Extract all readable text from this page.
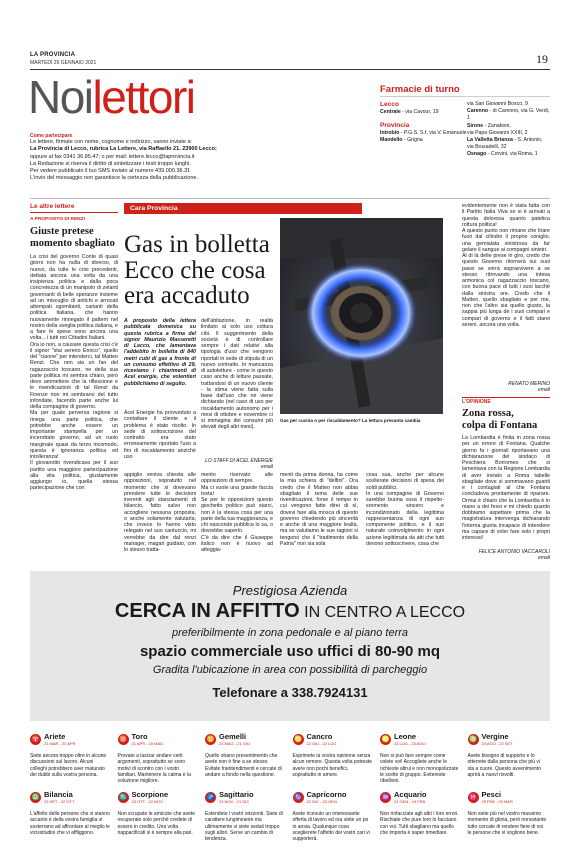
LA PROVINCIA
MARTEDÌ 26 GENNAIO 2021	19
Noilettori
Come partecipare
Le lettere, firmate con nome, cognome e indirizzo, vanno inviate a:
La Provincia di Lecco, rubrica La Lettere, via Raffaello 21. 23900 Lecco;
oppure al fax 0341 36.85.47; o per mail: lettere.lecco@laprovincia.it
La Redazione si riserva il diritto di sintetizzare i testi troppo lunghi.
Per vedere pubblicato il tuo SMS inviato al numero 439.000.36.31
L'invio del messaggio non garantisce la certezza della pubblicazione.
Farmacie di turno
Lecco
Centrale - via Cavour, 19
Provincia
Introbio - P.G.S. S.f, via V. Emanuele
Mandello - Grigna
via San Giovanni Bosco, 9
Carenno - di Carenno, via G. Verdi, 1
Sirone - Zanaboni,
via Papa Giovanni XXIII, 2
La Valletta Brianza - S. Antonio,
via Brusadelli, 32
Osnago - Corvini, via Roma, 1
Le altre lettere
A PROPOSITO DI RENZI
Giuste pretese
momento sbagliato

La crisi del governo Conte di quasi giorni non ha nulla di diverso, di nuovo, da tutte le crisi precedenti, dettata ancora una volta da una insipienza politica e dalla poca concretezza di un manipolo di zelanti governanti di belle speranze insieme ad un miscuglio di antichi e arrocati attempati sgomitanti, carianti della politica italiana, che hanno nuovamente rinnegato il pattern nel nostro della sveglia politica italiana, e a fare le spese sono ancora una volta... i tutti noi Cittadini Italiani.

Ora io non, a causare questa crisi c'è il signor "stai sereno Enrico", quello del "ciaone" per intenderci, tal Matteo Renzi. Che non sia un fan del ragazzaccio toscano, ne della sua parte politica mi sembra chiaro, però devo ammettere che la riflessione e le rivendicazioni di tal Renzi da Firenze non mi sembrano del tutto infondate, facendo parte anche lui della compagine di governo.

Ma per quale perversa ragione si rinega una parte politica, che potrebbe anche essere un importante stampella per un incerottato governo, ad un ruolo marginale quasi da terzo incomodo, questa è ignoranza politica ed intolleranza!

Il giovanotto rivendicava per il suo partito una maggiore partecipazione alla vita politica, giustamente aggiungo io, quella stessa partecipazione che con

Cara Provincia
Gas in bolletta
Ecco che cosa
era accaduto
A proposito della lettera pubblicata domenica su questa rubrica a firma del signor Maurizio Masseretti di Lecco, che lamentava l'addebito in bolletta di 840 metri cubi di gas a fronte di un consumo effettivo di 29, riceviamo i chiarimenti di Acel energie, che volentieri pubblichiamo di seguito.
Acel Energie ha provveduto a contattare il cliente e il problema è stato risolto. In sede di sottoscrizione del contratto era stato erroneamente riportato l'uso a fini di riscaldamento anziché uso
dell'abitazione, in realtà limitato al solo uso cottura cibi. Il suggerimento della società è di controllare sempre i dati relativi alla tipologia d'uso che vengono riportati in sede di stipula di un nuovo contratto. In mancanza di autoletture - come in questo caso anche di letture passate, trattandosi di un nuovo cliente - la stima viene fatta sulla base dall'uso che ne viene dichiarato (nel caso di uso per riscaldamento autonomo per i mesi di ottobre e novembre ci si immagina dei consumi più elevati degli altri mesi).
LO STAFF DI ACEL ENERGIE
email
Gas per cucina o per riscaldamento? La lettura presunta cambia
appiglio veniva chiesta alle opposizioni, sopratutto nel momento che si dovevano prendere tutte le decisioni inerenti agli stanziamenti di bilancio, fatto salvo non accogliere nessuna proposta, o anche solamente valutarla, che invece lo hanno visto relegato nel suo cantuccio, mi verrebbe da dire dal renzi manager, magari guidato, con lo stesso tratta-
mento riservato alle opposizioni di sempre.
Ma ci vuole una grande faccia tosta!
Se per le opposizioni questo giochetto politico può starci, non è la stessa cosa per una parte della tua maggioranza, e chi nasconde pubblica lo sa, o dovrebbe saperlo.
C'è da dire che il Giuseppe italico non è nuovo ad atteggia-
menti da prima donna, ha come la mia schiera di "delfini". Ora credo che il Matteo non abbia sbagliato il tema delle sue rivendicazioni, forse il tempo in cui vengono fatte direi di sì, dovevi fare alla mosca di questo governo chiedendo più sincerità e anche di una maggiore lealtà, ma se valutiamo le sue ragioni si tengono che il "tradimento della Patria" non sia sola
cosa sua, anche per alcune scellerate decisioni di spesa dei soldi pubblici.
In una compagine di Governo sarebbe buona cosa il rispetto-sremento sincero e incondizionato della legittima rappresentanza di ogni suo componente politico, e il suo naturale coinvolgimento in ogni azione legittimata da atti che tutti devono sottoscrivere, cosa che
evidentemente non è stata fatta con il Partito Italia Viva se si è arrivati a questa dolorosa quanto patetica rottura politica!
A questo punto non rimane che tirare fuori dal cilindro il proprio coniglio, una gemialata sinistrosa da far gelare il sangue ai compagni sinistri.
Al di là delle prese in giro, credo che questo Governo ritornerà sui suoi passi se vorrà sopravvivere a se stesso ritrovando una intesa armonica col ragazzaccio toscano, con buona pace di tutti i suoi lacchè dalla sinistra ore. Credo che il Matteo, quello sbagliato e per me, non che l'altro sia quello giusto, la sappia più lunga de i suoi compari e compari di governo e il fatti starei sereni, ancora una volta.
RENATO MERINO
email
L'OPINIONE
Zona rossa,
colpa di Fontana
La Lombardia è finita in zona rossa per un errore di Fontana. Qualche giorno fa i giornali riportavano una dichiarazione del sindaco di Peschiera Borromeo che si lamentava con la Regione Lombardia di aver inviato a Roma tabelle sbagliate dove si sommavano guariti e i contagiati al che Fontana concludeva prontamente di riparare. Ormai è chiaro che la Lombardia è in mano a dei fessi e mi chiedo quanto dobbiamo aspettare prima che la magistratura intervenga dichiarando l'interna giunta incapace di intendere ma capace di voler fare solo i propri interessi!
FELICE ANTONIO VACCAROLI
email
Prestigiosa Azienda
CERCA IN AFFITTO IN CENTRO A LECCO
preferibilmente in zona pedonale e al piano terra
spazio commerciale uso uffici di 80-90 mq
Gradita l'ubicazione in area con possibilità di parcheggio
Telefonare a 338.7924131
♈ Ariete
21 MAR - 20 APR
Siete ancora troppo oltre in alcune discussioni sul lavoro. Alcuni colleghi potrebbero aver maturato dei dubbi sulla vostra persona.
♉ Toro
21 APR - 20 MAG
Provate a lasciar andare certi argomenti, soprattutto se sono motivi di scontro con i vostri familiari. Mantenere la calma è la soluzione migliore.
♊ Gemelli
21 MAG - 21 GIU
Quello strano presentimento che avete non è fine a se stesso. Evitate fraintendimenti e cercate di andare a fondo nella questione.
♋ Cancro
22 GIU - 22 LUG
Esprimete la vostra opinione senza alcun remore. Questa volta potreste avere non pochi benefici, soprattutto in amore.
♌ Leone
23 LUG - 23 AGO
Non si può fare sempre come volete voi! Accogliete anche le richieste altrui e non monopolizzate le scelte di gruppo. Evitereste ribellioni.
♍ Vergine
24 AGO - 22 SET
Avete bisogno di supporto e lo otterrete dalla persona che più vi sta a cuore. Questo avvenimento aprirà a nuovi risvolti.
♎ Bilancia
23 SET - 22 OTT
L'affetto delle persone che vi stanno accanto è della vostra famiglia vi sosterrano ad affrontare al meglio le vicissitudini che vi affliggono.
♏ Scorpione
23 OTT - 22 NOV
Non scrupate le amicizie che avete recuperato solo perché credete di essere in credito. Una volta riappacificati si è sempre alla pari.
♐ Sagittario
23 NOV - 21 DIC
Estendete i vostri orizzonti. Siete di carattere lungimirante ma ultimamente vi siete seduti troppo sugli allori. Serve un cambio di tendenza.
♑ Capricorno
22 DIC - 20 GEN
Avete ricevuto un interessante offerta di lavoro ed ora siete un po in ansia. Qualunque cosa sceglierete l'affetto dei vostri cari vi supporterà.
♒ Acquario
21 GEN - 19 FEB
Non rinfacciate agli altri i loro errori. Rischiate che pure loro lo facciano con voi. Tutti sbagliano ma quello che importa è saper rimediare.
♓ Pesci
20 FEB - 20 MAR
Non siete più nel vostro massimo momento di gloria, però nonostante tutto cercate di rendere fiere di voi le persone che vi vogliono bene.
